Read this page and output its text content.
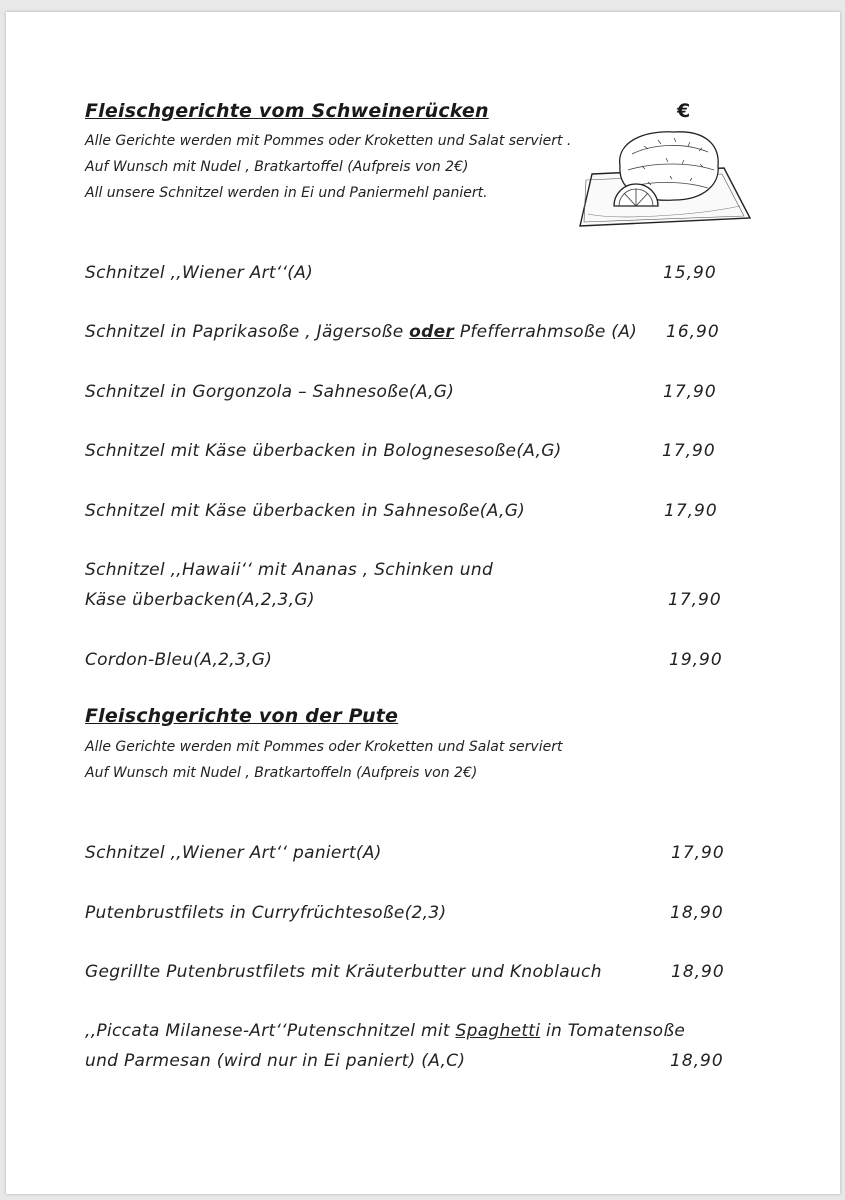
Fleischgerichte vom Schweinerücken	€
Alle Gerichte werden mit Pommes oder Kroketten und Salat serviert .
Auf Wunsch mit Nudel , Bratkartoffel (Aufpreis von 2€)
All unsere Schnitzel werden in Ei und Paniermehl paniert.
Schnitzel ,,Wiener Art‘‘(A)	15,90
Schnitzel in Paprikasoße , Jägersoße oder Pfefferrahmsoße (A) 16,90
Schnitzel in Gorgonzola – Sahnesoße(A,G)	17,90
Schnitzel mit Käse überbacken in Bolognesesoße(A,G)	17,90
Schnitzel mit Käse überbacken in Sahnesoße(A,G)	17,90
Schnitzel ,,Hawaii‘‘ mit Ananas , Schinken und
Käse überbacken(A,2,3,G)	17,90
Cordon-Bleu(A,2,3,G)	19,90
Fleischgerichte von der Pute
Alle Gerichte werden mit Pommes oder Kroketten und Salat serviert
Auf Wunsch mit Nudel , Bratkartoffeln (Aufpreis von 2€)
Schnitzel ,,Wiener Art‘‘ paniert(A)	17,90
Putenbrustfilets in Curryfrüchtesoße(2,3)	18,90
Gegrillte Putenbrustfilets mit Kräuterbutter und Knoblauch	18,90
,,Piccata Milanese-Art‘‘Putenschnitzel mit Spaghetti in Tomatensoße
und Parmesan (wird nur in Ei paniert) (A,C)	18,90
